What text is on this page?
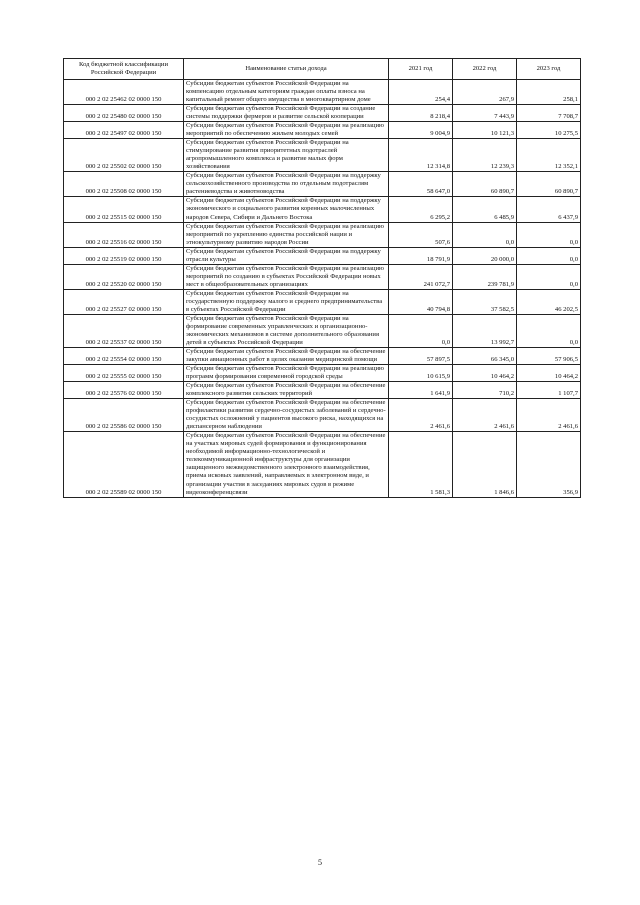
Код бюджетной классификации Российской Федерации	Наименование статьи дохода	2021 год	2022 год	2023 год
000 2 02 25462 02 0000 150	Субсидии бюджетам субъектов Российской Федерации на компенсацию отдельным категориям граждан оплаты взноса на капитальный ремонт общего имущества в многоквартирном доме	254,4	267,9	258,1
000 2 02 25480 02 0000 150	Субсидии бюджетам субъектов Российской Федерации на создание системы поддержки фермеров и развитие сельской кооперации	8 218,4	7 443,9	7 708,7
000 2 02 25497 02 0000 150	Субсидии бюджетам субъектов Российской Федерации на реализацию мероприятий по обеспечению жильем молодых семей	9 004,9	10 121,3	10 275,5
000 2 02 25502 02 0000 150	Субсидии бюджетам субъектов Российской Федерации на стимулирование развития приоритетных подотраслей агропромышленного комплекса и развитие малых форм хозяйствования	12 314,8	12 239,3	12 352,1
000 2 02 25508 02 0000 150	Субсидии бюджетам субъектов Российской Федерации на поддержку сельскохозяйственного производства по отдельным подотраслям растениеводства и животноводства	58 647,0	60 890,7	60 890,7
000 2 02 25515 02 0000 150	Субсидии бюджетам субъектов Российской Федерации на поддержку экономического и социального развития коренных малочисленных народов Севера, Сибири и Дальнего Востока	6 295,2	6 485,9	6 437,9
000 2 02 25516 02 0000 150	Субсидии бюджетам субъектов Российской Федерации на реализацию мероприятий по укреплению единства российской нации и этнокультурному развитию народов России	507,6	0,0	0,0
000 2 02 25519 02 0000 150	Субсидии бюджетам субъектов Российской Федерации на поддержку отрасли культуры	18 791,9	20 000,0	0,0
000 2 02 25520 02 0000 150	Субсидии бюджетам субъектов Российской Федерации на реализацию мероприятий по созданию в субъектах Российской Федерации новых мест в общеобразовательных организациях	241 072,7	239 781,9	0,0
000 2 02 25527 02 0000 150	Субсидии бюджетам субъектов Российской Федерации на государственную поддержку малого и среднего предпринимательства в субъектах Российской Федерации	40 794,8	37 582,5	46 202,5
000 2 02 25537 02 0000 150	Субсидии бюджетам субъектов Российской Федерации на формирование современных управленческих и организационно-экономических механизмов в системе дополнительного образования детей в субъектах Российской Федерации	0,0	13 992,7	0,0
000 2 02 25554 02 0000 150	Субсидии бюджетам субъектов Российской Федерации на обеспечение закупки авиационных работ в целях оказания медицинской помощи	57 897,5	66 345,0	57 906,5
000 2 02 25555 02 0000 150	Субсидии бюджетам субъектов Российской Федерации на реализацию программ формирования современной городской среды	10 615,9	10 464,2	10 464,2
000 2 02 25576 02 0000 150	Субсидии бюджетам субъектов Российской Федерации на обеспечение комплексного развития сельских территорий	1 641,9	710,2	1 107,7
000 2 02 25586 02 0000 150	Субсидии бюджетам субъектов Российской Федерации на обеспечение профилактики развития сердечно-сосудистых заболеваний и сердечно-сосудистых осложнений у пациентов высокого риска, находящихся на диспансерном наблюдении	2 461,6	2 461,6	2 461,6
000 2 02 25589 02 0000 150	Субсидии бюджетам субъектов Российской Федерации на обеспечение на участках мировых судей формирования и функционирования необходимой информационно-технологической и телекоммуникационной инфраструктуры для организации защищенного межведомственного электронного взаимодействия, приема исковых заявлений, направляемых в электронном виде, и организации участия в заседаниях мировых судов в режиме видеоконференцсвязи	1 581,3	1 846,6	356,9
5
